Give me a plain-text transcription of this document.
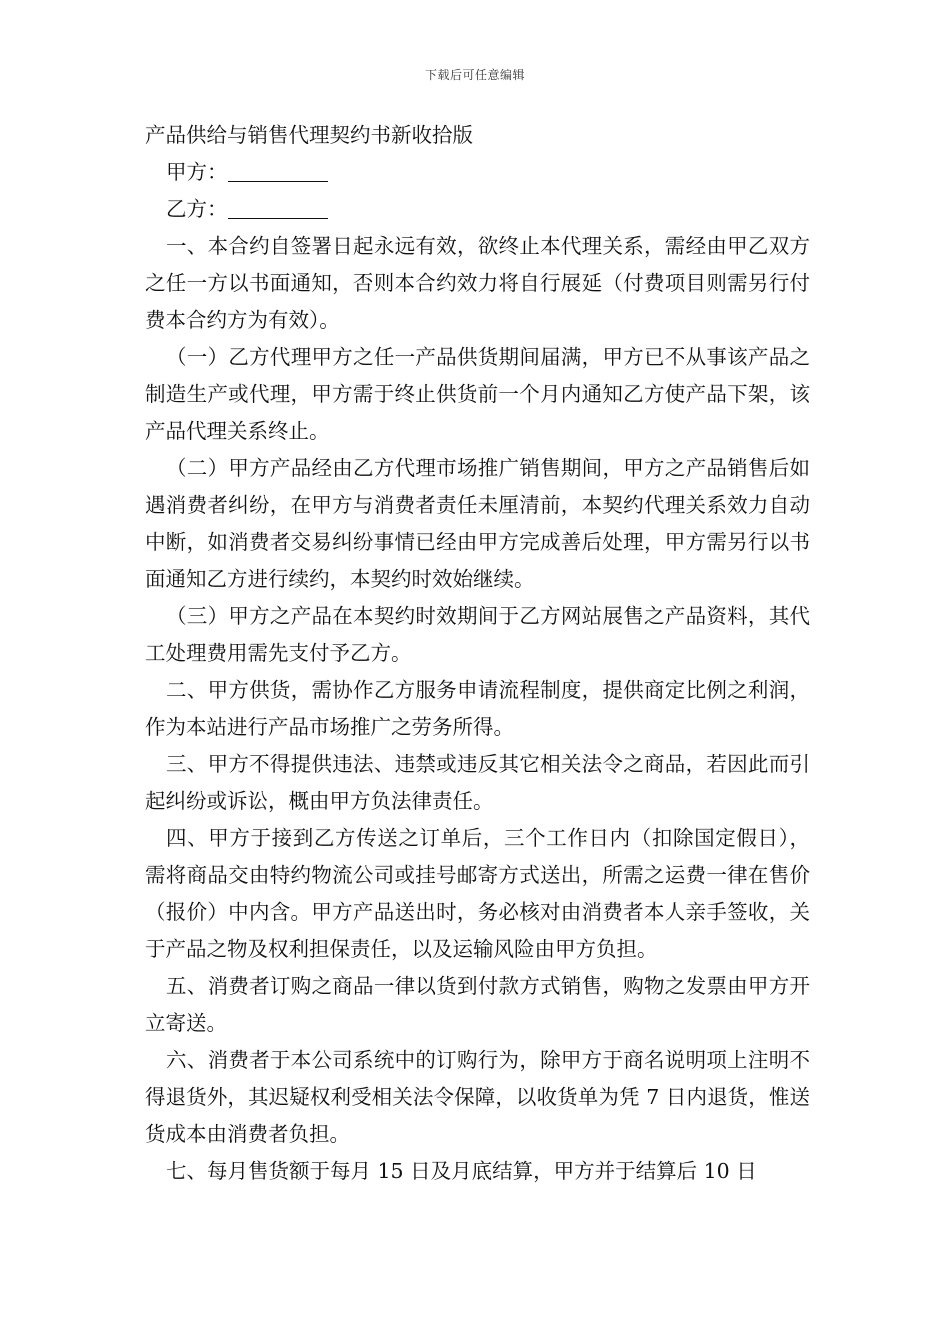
下载后可任意编辑

产品供给与销售代理契约书新收拾版

甲方：

乙方：

一、本合约自签署日起永远有效，欲终止本代理关系，需经由甲乙双方之任一方以书面通知，否则本合约效力将自行展延（付费项目则需另行付费本合约方为有效）。

（一）乙方代理甲方之任一产品供货期间届满，甲方已不从事该产品之制造生产或代理，甲方需于终止供货前一个月内通知乙方使产品下架，该产品代理关系终止。

（二）甲方产品经由乙方代理市场推广销售期间，甲方之产品销售后如遇消费者纠纷，在甲方与消费者责任未厘清前，本契约代理关系效力自动中断，如消费者交易纠纷事情已经由甲方完成善后处理，甲方需另行以书面通知乙方进行续约，本契约时效始继续。

（三）甲方之产品在本契约时效期间于乙方网站展售之产品资料，其代工处理费用需先支付予乙方。

二、甲方供货，需协作乙方服务申请流程制度，提供商定比例之利润，作为本站进行产品市场推广之劳务所得。

三、甲方不得提供违法、违禁或违反其它相关法令之商品，若因此而引起纠纷或诉讼，概由甲方负法律责任。

四、甲方于接到乙方传送之订单后，三个工作日内（扣除国定假日），需将商品交由特约物流公司或挂号邮寄方式送出，所需之运费一律在售价（报价）中内含。甲方产品送出时，务必核对由消费者本人亲手签收，关于产品之物及权利担保责任，以及运输风险由甲方负担。

五、消费者订购之商品一律以货到付款方式销售，购物之发票由甲方开立寄送。

六、消费者于本公司系统中的订购行为，除甲方于商名说明项上注明不得退货外，其迟疑权利受相关法令保障，以收货单为凭 7 日内退货，惟送货成本由消费者负担。

七、每月售货额于每月 15 日及月底结算，甲方并于结算后 10 日
